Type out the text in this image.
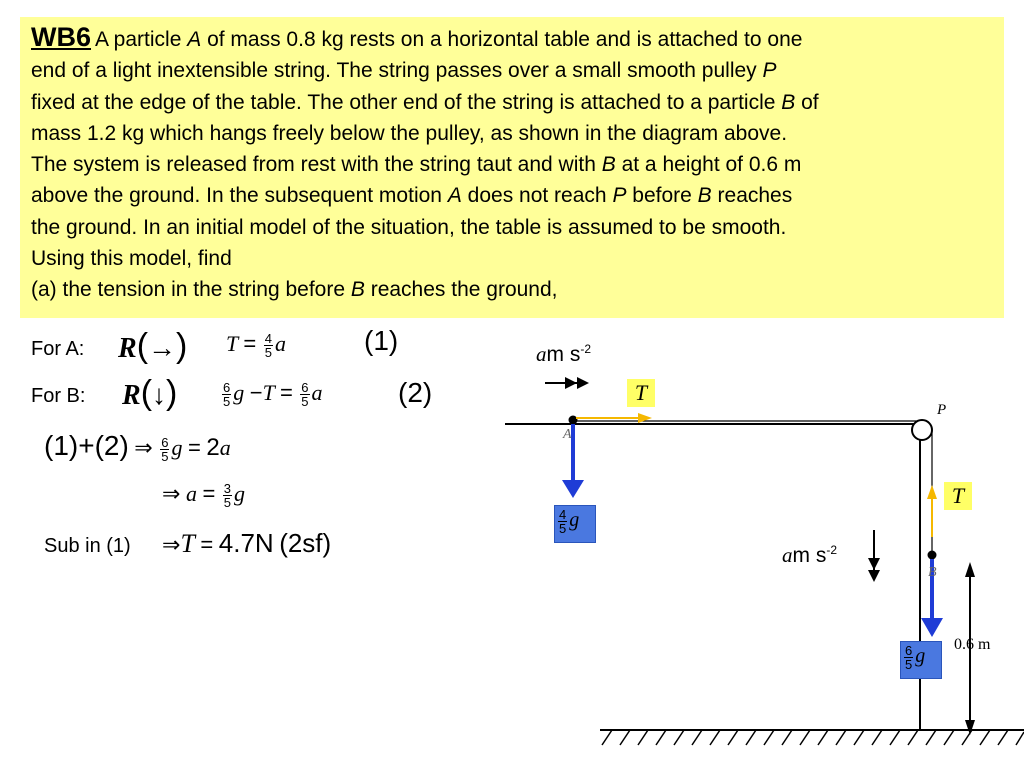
WB6 A particle A of mass 0.8 kg rests on a horizontal table and is attached to one
end of a light inextensible string. The string passes over a small smooth pulley P
fixed at the edge of the table. The other end of the string is attached to a particle B of
mass 1.2 kg which hangs freely below the pulley, as shown in the diagram above.
The system is released from rest with the string taut and with B at a height of 0.6 m
above the ground. In the subsequent motion A does not reach P before B reaches
the ground. In an initial model of the situation, the table is assumed to be smooth.
Using this model, find
(a) the tension in the string before B reaches the ground,
For A: R(→) $T = \frac{4}{5}$ a	(1)
For B: R(↓)	$\frac{6}{5}$ $g -T = \frac{6}{5}$ a	(2)
(1)+(2) ⇒ $\frac{6}{5}$ g = 2a
⇒ $a = \frac{3}{5}$ g
Sub in (1) ⇒T = 4.7N (2sf)
am $s^{-2}$
T
P
A
$\frac{4}{5}$ g
T
am $s^{-2}$
B
$\frac{6}{5}$ g
0.6 m
